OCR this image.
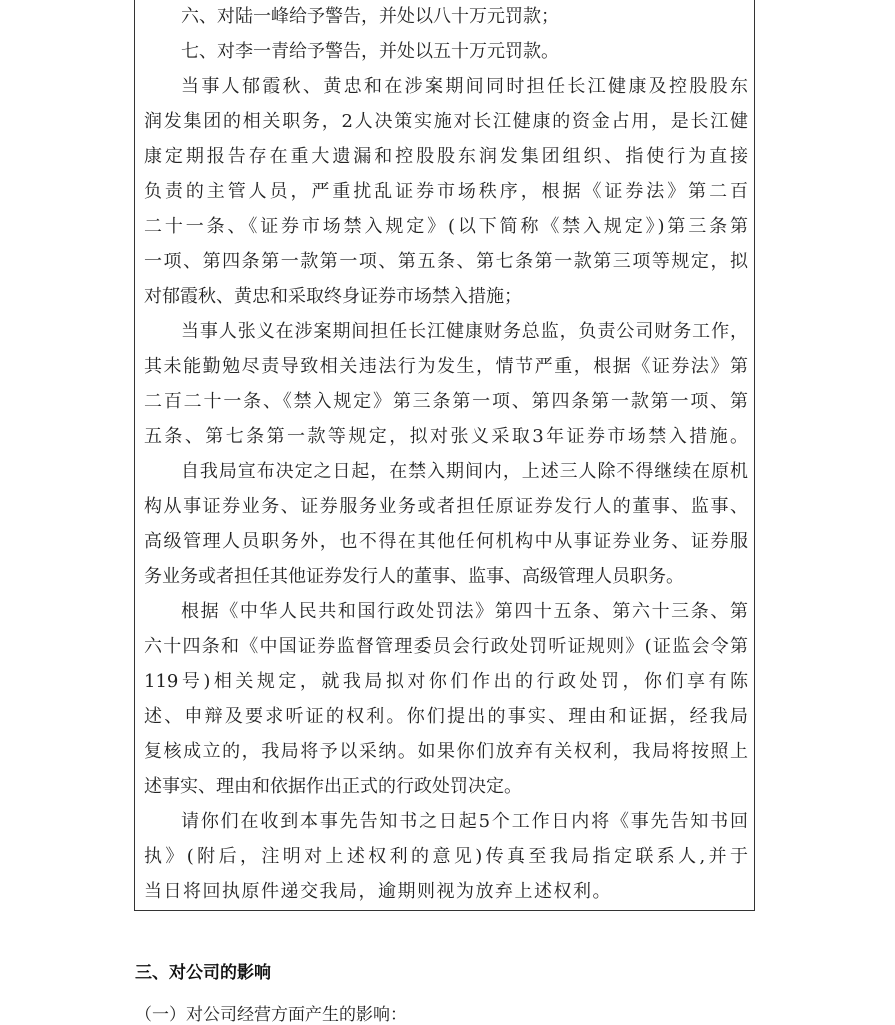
六、对陆一峰给予警告，并处以八十万元罚款；
七、对李一青给予警告，并处以五十万元罚款。
当事人郁霞秋、黄忠和在涉案期间同时担任长江健康及控股股东
润发集团的相关职务，2人决策实施对长江健康的资金占用，是长江健
康定期报告存在重大遗漏和控股股东润发集团组织、指使行为直接
负责的主管人员，严重扰乱证券市场秩序，根据《证券法》第二百
二十一条、《证券市场禁入规定》(以下简称《禁入规定》)第三条第
一项、第四条第一款第一项、第五条、第七条第一款第三项等规定，拟
对郁霞秋、黄忠和采取终身证券市场禁入措施；
当事人张义在涉案期间担任长江健康财务总监，负责公司财务工作，
其未能勤勉尽责导致相关违法行为发生，情节严重，根据《证券法》第
二百二十一条、《禁入规定》第三条第一项、第四条第一款第一项、第
五条、第七条第一款等规定，拟对张义采取3年证券市场禁入措施。
自我局宣布决定之日起，在禁入期间内，上述三人除不得继续在原机
构从事证券业务、证券服务业务或者担任原证券发行人的董事、监事、
高级管理人员职务外，也不得在其他任何机构中从事证券业务、证券服
务业务或者担任其他证券发行人的董事、监事、高级管理人员职务。
根据《中华人民共和国行政处罚法》第四十五条、第六十三条、第
六十四条和《中国证券监督管理委员会行政处罚听证规则》(证监会令第
119号)相关规定，就我局拟对你们作出的行政处罚，你们享有陈
述、申辩及要求听证的权利。你们提出的事实、理由和证据，经我局
复核成立的，我局将予以采纳。如果你们放弃有关权利，我局将按照上
述事实、理由和依据作出正式的行政处罚决定。
请你们在收到本事先告知书之日起5个工作日内将《事先告知书回
执》(附后，注明对上述权利的意见)传真至我局指定联系人,并于
当日将回执原件递交我局，逾期则视为放弃上述权利。
三、对公司的影响
（一）对公司经营方面产生的影响：
